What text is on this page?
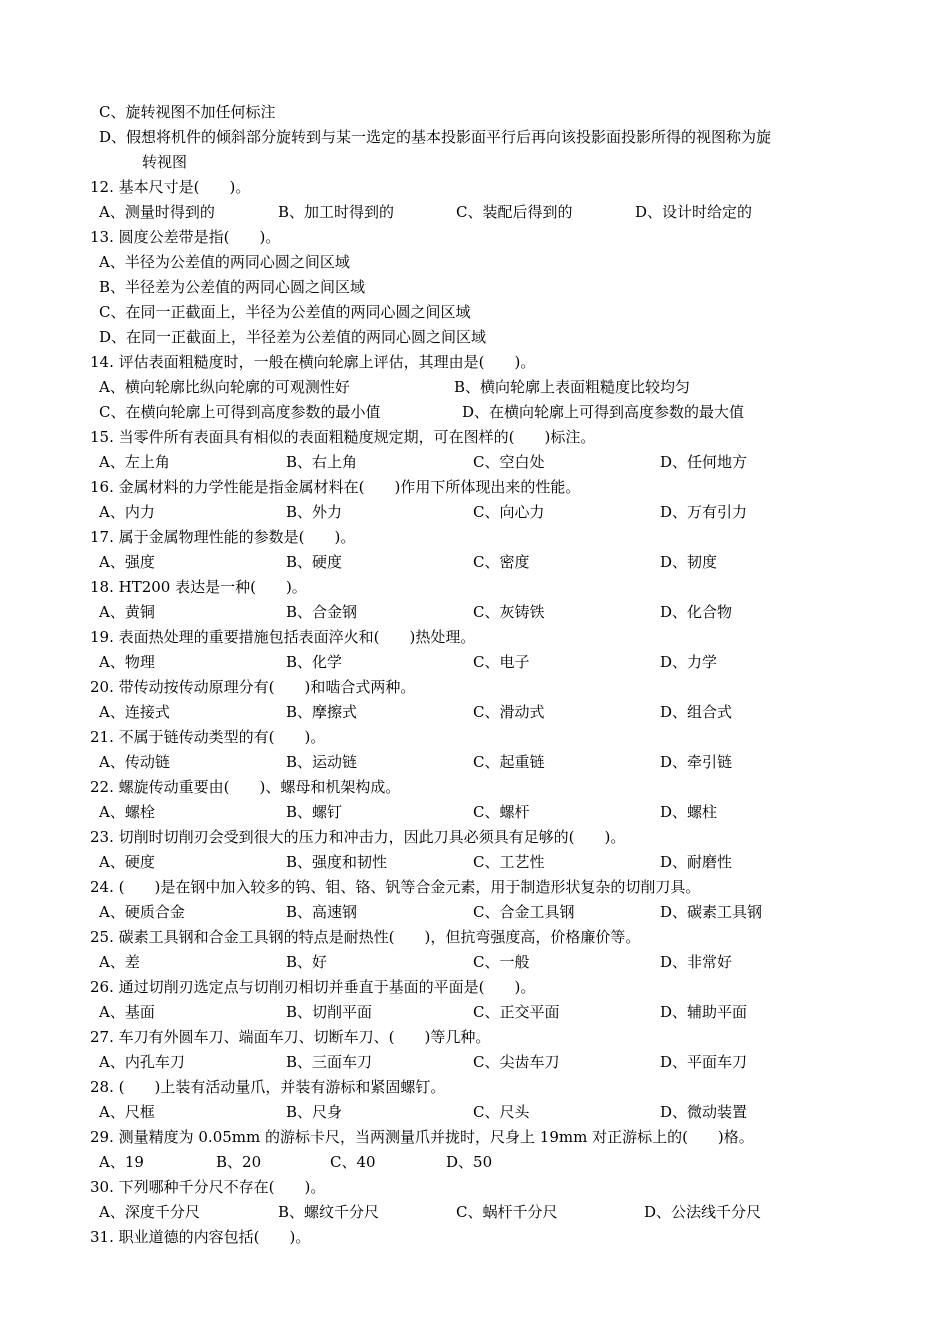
C、旋转视图不加任何标注
D、假想将机件的倾斜部分旋转到与某一选定的基本投影面平行后再向该投影面投影所得的视图称为旋
转视图
12. 基本尺寸是(　　)。
A、测量时得到的	B、加工时得到的	C、装配后得到的	D、设计时给定的
13. 圆度公差带是指(　　)。
A、半径为公差值的两同心圆之间区域
B、半径差为公差值的两同心圆之间区域
C、在同一正截面上，半径为公差值的两同心圆之间区域
D、在同一正截面上，半径差为公差值的两同心圆之间区域
14. 评估表面粗糙度时，一般在横向轮廓上评估，其理由是(　　)。
A、横向轮廓比纵向轮廓的可观测性好	B、横向轮廓上表面粗糙度比较均匀
C、在横向轮廓上可得到高度参数的最小值	D、在横向轮廓上可得到高度参数的最大值
15. 当零件所有表面具有相似的表面粗糙度规定期，可在图样的(　　)标注。
A、左上角	B、右上角	C、空白处	D、任何地方
16. 金属材料的力学性能是指金属材料在(　　)作用下所体现出来的性能。
A、内力	B、外力	C、向心力	D、万有引力
17. 属于金属物理性能的参数是(　　)。
A、强度	B、硬度	C、密度	D、韧度
18. HT200 表达是一种(　　)。
A、黄铜	B、合金钢	C、灰铸铁	D、化合物
19. 表面热处理的重要措施包括表面淬火和(　　)热处理。
A、物理	B、化学	C、电子	D、力学
20. 带传动按传动原理分有(　　)和啮合式两种。
A、连接式	B、摩擦式	C、滑动式	D、组合式
21. 不属于链传动类型的有(　　)。
A、传动链	B、运动链	C、起重链	D、牵引链
22. 螺旋传动重要由(　　)、螺母和机架构成。
A、螺栓	B、螺钉	C、螺杆	D、螺柱
23. 切削时切削刃会受到很大的压力和冲击力，因此刀具必须具有足够的(　　)。
A、硬度	B、强度和韧性	C、工艺性	D、耐磨性
24. (　　)是在钢中加入较多的钨、钼、铬、钒等合金元素，用于制造形状复杂的切削刀具。
A、硬质合金	B、高速钢	C、合金工具钢	D、碳素工具钢
25. 碳素工具钢和合金工具钢的特点是耐热性(　　)，但抗弯强度高，价格廉价等。
A、差	B、好	C、一般	D、非常好
26. 通过切削刃选定点与切削刃相切并垂直于基面的平面是(　　)。
A、基面	B、切削平面	C、正交平面	D、辅助平面
27. 车刀有外圆车刀、端面车刀、切断车刀、(　　)等几种。
A、内孔车刀	B、三面车刀	C、尖齿车刀	D、平面车刀
28. (　　)上装有活动量爪，并装有游标和紧固螺钉。
A、尺框	B、尺身	C、尺头	D、微动装置
29. 测量精度为 0.05mm 的游标卡尺，当两测量爪并拢时，尺身上 19mm 对正游标上的(　　)格。
A、19	B、20	C、40	D、50
30. 下列哪种千分尺不存在(　　)。
A、深度千分尺	B、螺纹千分尺	C、蜗杆千分尺	D、公法线千分尺
31. 职业道德的内容包括(　　)。
